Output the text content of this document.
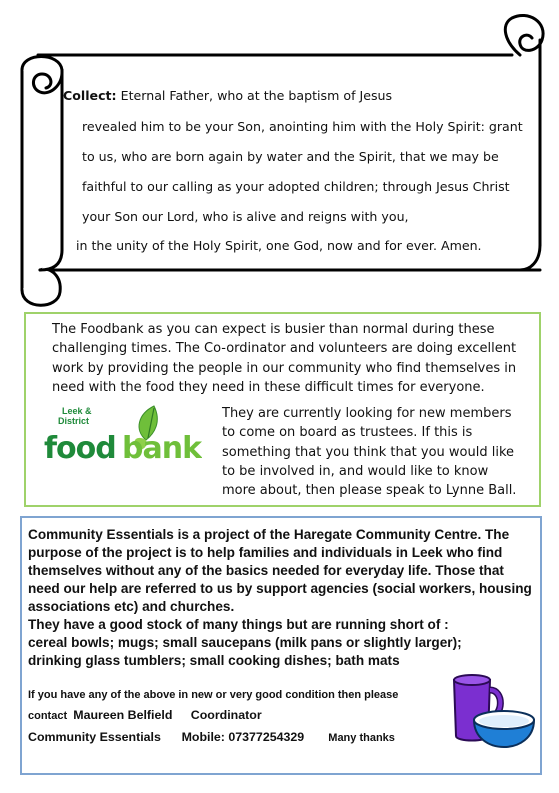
Collect: Eternal Father, who at the baptism of Jesus
revealed him to be your Son, anointing him with the Holy Spirit: grant
to us, who are born again by water and the Spirit, that we may be
faithful to our calling as your adopted children; through Jesus Christ
your Son our Lord, who is alive and reigns with you,
in the unity of the Holy Spirit, one God, now and for ever. Amen.

The Foodbank as you can expect is busier than normal during these challenging times. The Co-ordinator and volunteers are doing excellent work by providing the people in our community who find themselves in need with the food they need in these difficult times for everyone.

Leek &
District
food bank

They are currently looking for new members to come on board as trustees. If this is something that you think that you would like to be involved in, and would like to know more about, then please speak to Lynne Ball.

Community Essentials is a project of the Haregate Community Centre. The purpose of the project is to help families and individuals in Leek who find themselves without any of the basics needed for everyday life. Those that need our help are referred to us by support agencies (social workers, housing associations etc) and churches.
They have a good stock of many things but are running short of :
cereal bowls; mugs; small saucepans (milk pans or slightly larger);
drinking glass tumblers; small cooking dishes; bath mats

If you have any of the above in new or very good condition then please
contact Maureen Belfield Coordinator
Community Essentials Mobile: 07377254329 Many thanks
